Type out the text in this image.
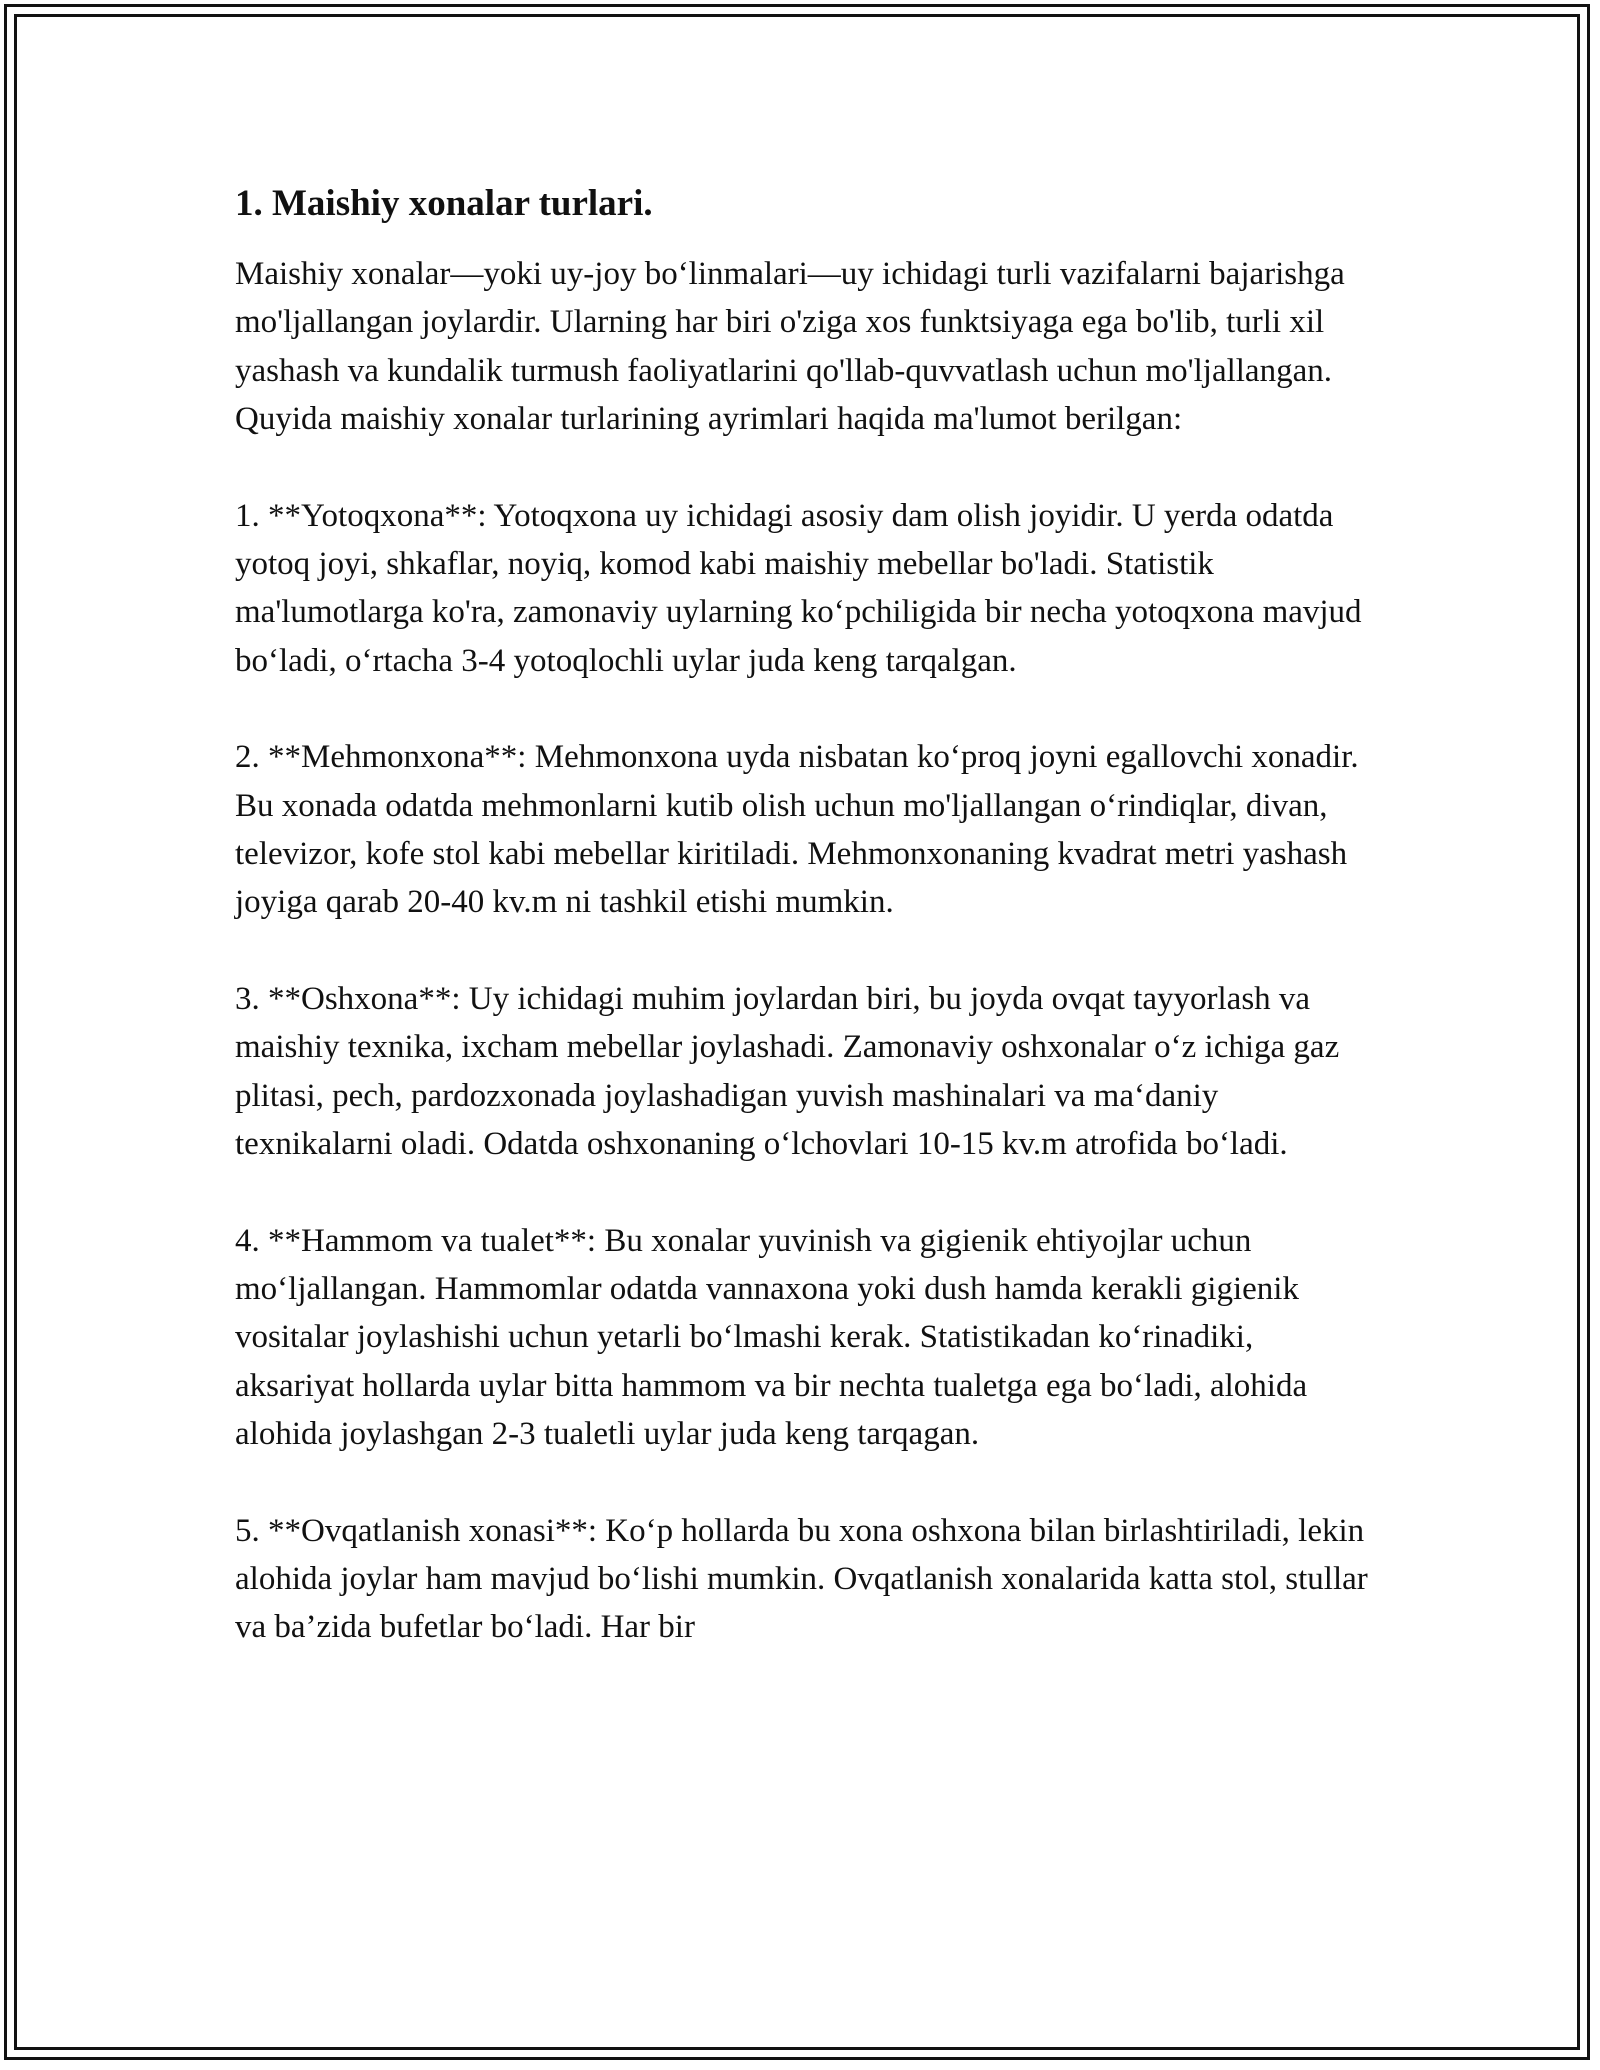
1. Maishiy xonalar turlari.

Maishiy xonalar—yoki uy-joy bo‘linmalari—uy ichidagi turli vazifalarni bajarishga mo'ljallangan joylardir. Ularning har biri o'ziga xos funktsiyaga ega bo'lib, turli xil yashash va kundalik turmush faoliyatlarini qo'llab-quvvatlash uchun mo'ljallangan. Quyida maishiy xonalar turlarining ayrimlari haqida ma'lumot berilgan:

1. **Yotoqxona**: Yotoqxona uy ichidagi asosiy dam olish joyidir. U yerda odatda yotoq joyi, shkaflar, noyiq, komod kabi maishiy mebellar bo'ladi. Statistik ma'lumotlarga ko'ra, zamonaviy uylarning ko‘pchiligida bir necha yotoqxona mavjud bo‘ladi, o‘rtacha 3-4 yotoqlochli uylar juda keng tarqalgan.

2. **Mehmonxona**: Mehmonxona uyda nisbatan ko‘proq joyni egallovchi xonadir. Bu xonada odatda mehmonlarni kutib olish uchun mo'ljallangan o‘rindiqlar, divan, televizor, kofe stol kabi mebellar kiritiladi. Mehmonxonaning kvadrat metri yashash joyiga qarab 20-40 kv.m ni tashkil etishi mumkin.

3. **Oshxona**: Uy ichidagi muhim joylardan biri, bu joyda ovqat tayyorlash va maishiy texnika, ixcham mebellar joylashadi. Zamonaviy oshxonalar o‘z ichiga gaz plitasi, pech, pardozxonada joylashadigan yuvish mashinalari va ma‘daniy texnikalarni oladi. Odatda oshxonaning o‘lchovlari 10-15 kv.m atrofida bo‘ladi.

4. **Hammom va tualet**: Bu xonalar yuvinish va gigienik ehtiyojlar uchun mo‘ljallangan. Hammomlar odatda vannaxona yoki dush hamda kerakli gigienik vositalar joylashishi uchun yetarli bo‘lmashi kerak. Statistikadan ko‘rinadiki, aksariyat hollarda uylar bitta hammom va bir nechta tualetga ega bo‘ladi, alohida alohida joylashgan 2-3 tualetli uylar juda keng tarqagan.

5. **Ovqatlanish xonasi**: Ko‘p hollarda bu xona oshxona bilan birlashtiriladi, lekin alohida joylar ham mavjud bo‘lishi mumkin. Ovqatlanish xonalarida katta stol, stullar va ba’zida bufetlar bo‘ladi. Har bir
